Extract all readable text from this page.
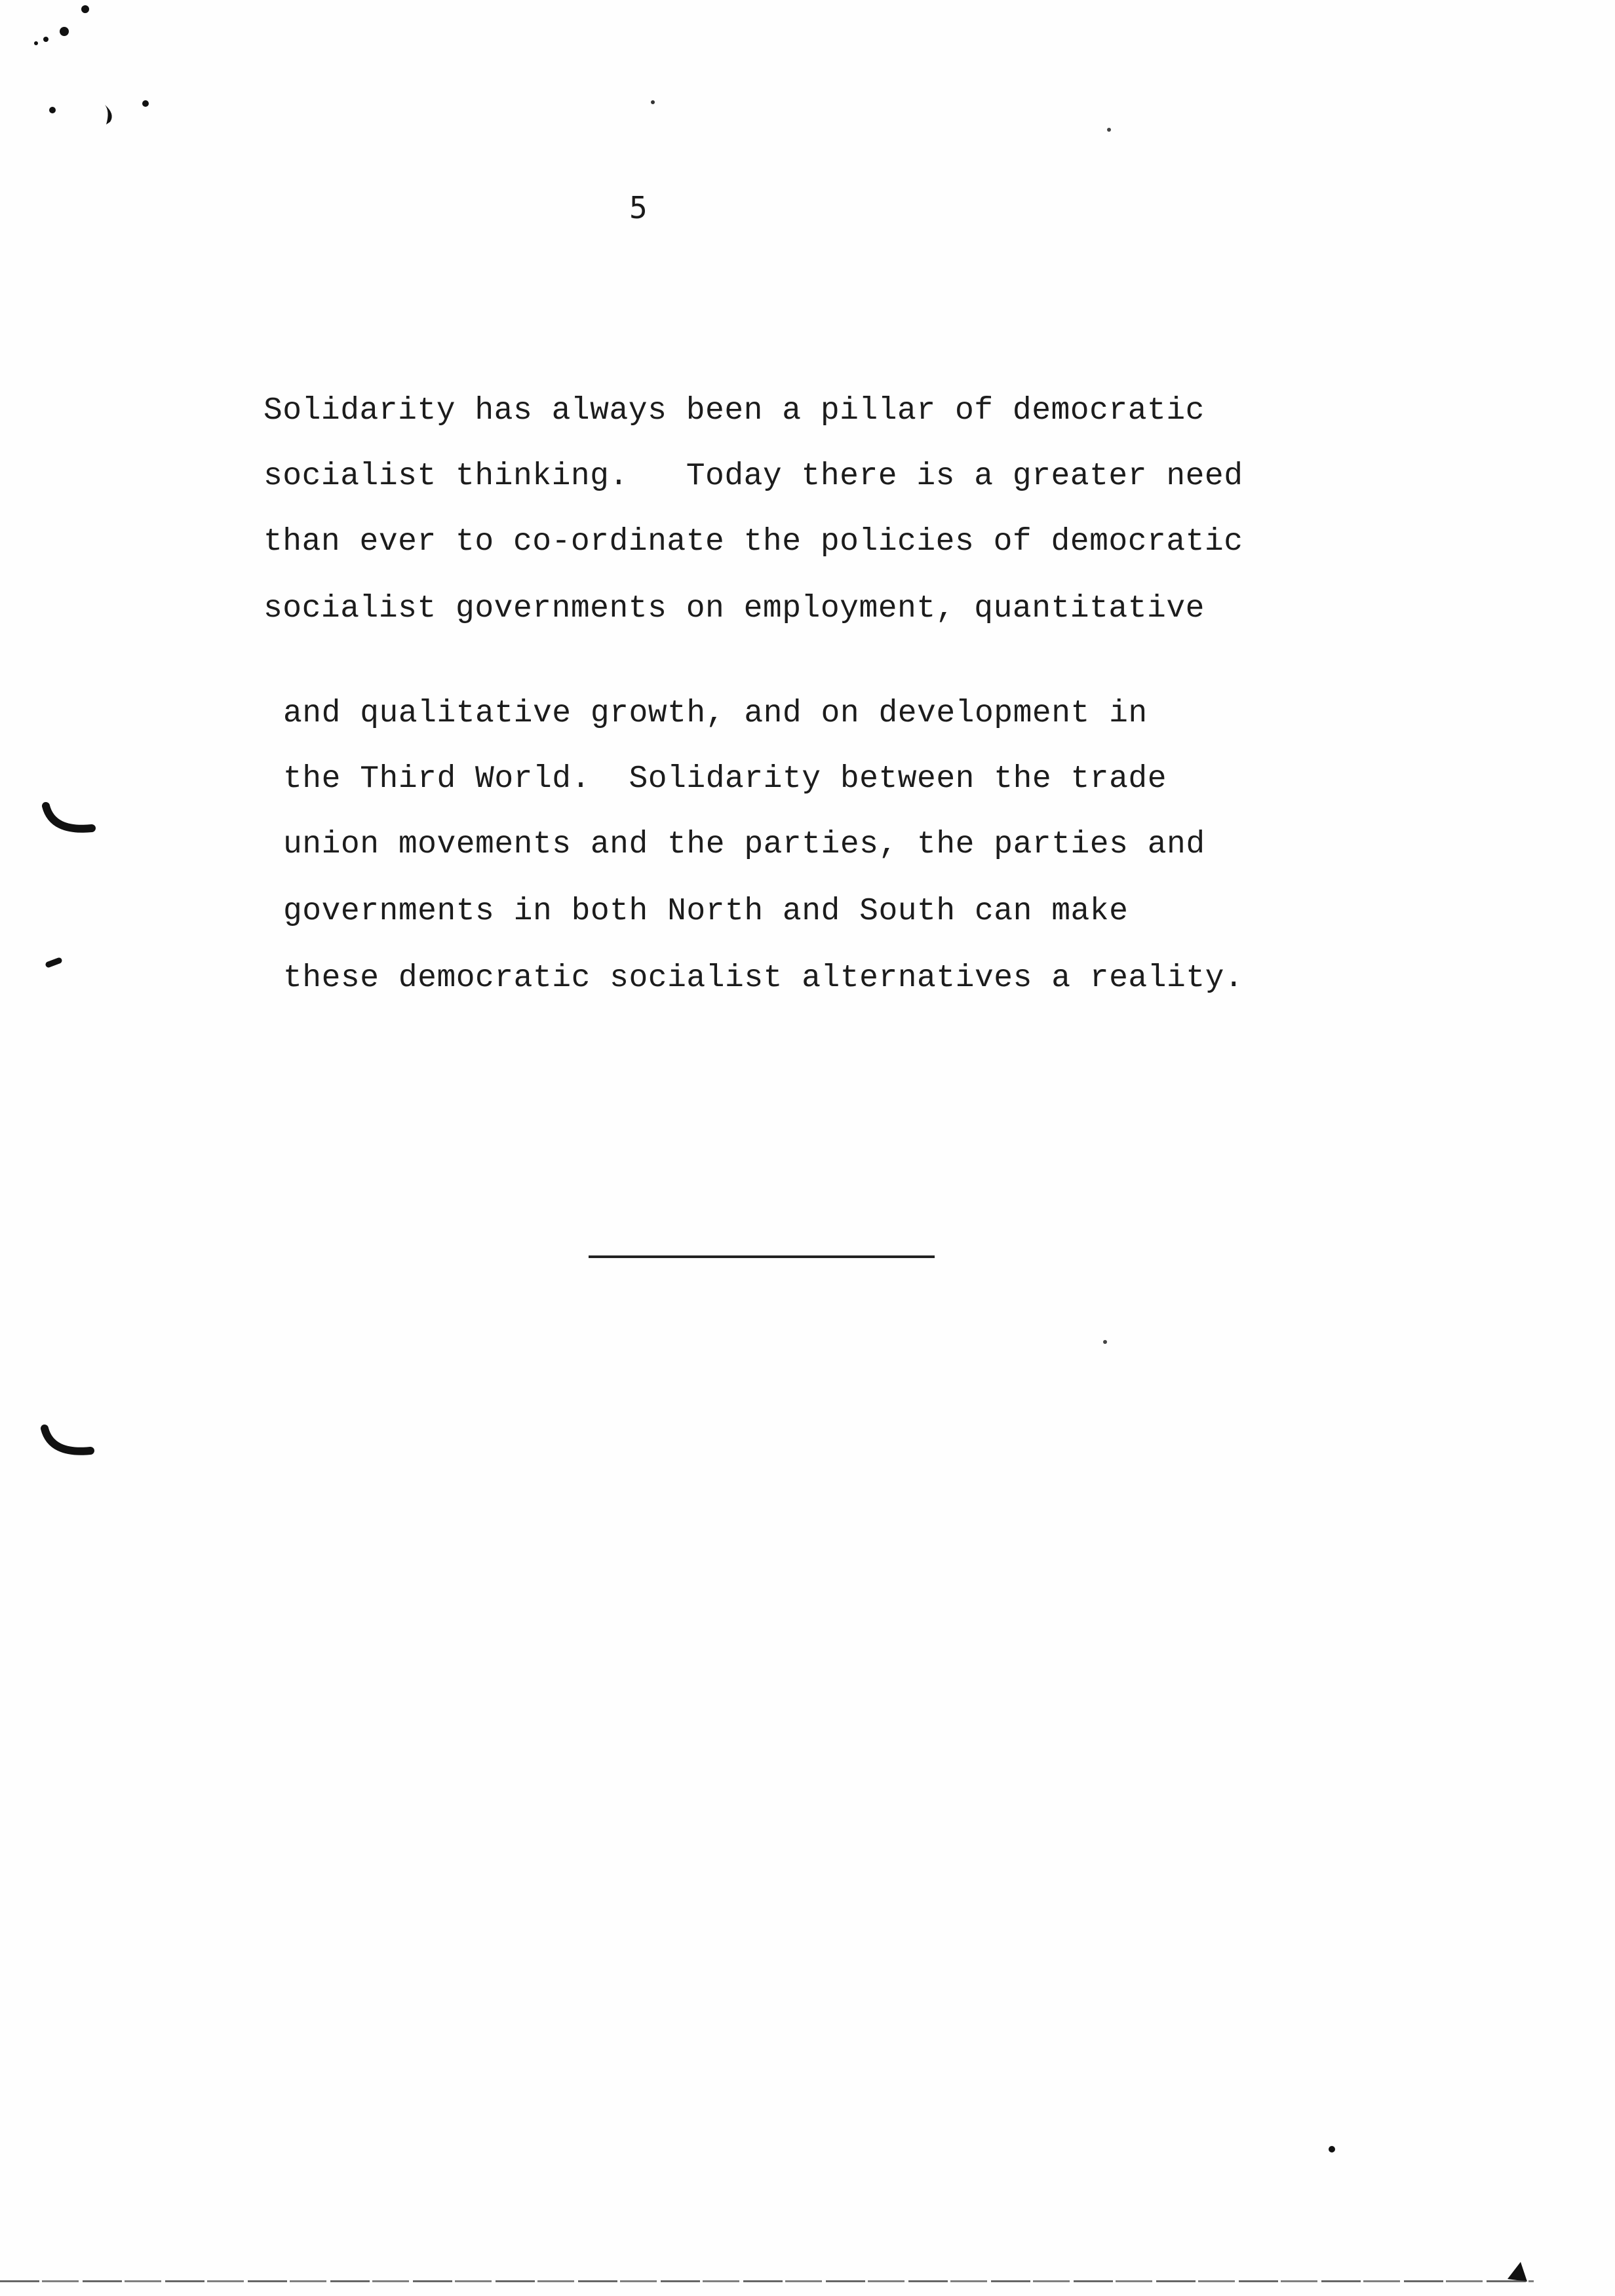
5
Solidarity has always been a pillar of democratic
socialist thinking.   Today there is a greater need
than ever to co-ordinate the policies of democratic
socialist governments on employment, quantitative
and qualitative growth, and on development in
the Third World.  Solidarity between the trade
union movements and the parties, the parties and
governments in both North and South can make
these democratic socialist alternatives a reality.
